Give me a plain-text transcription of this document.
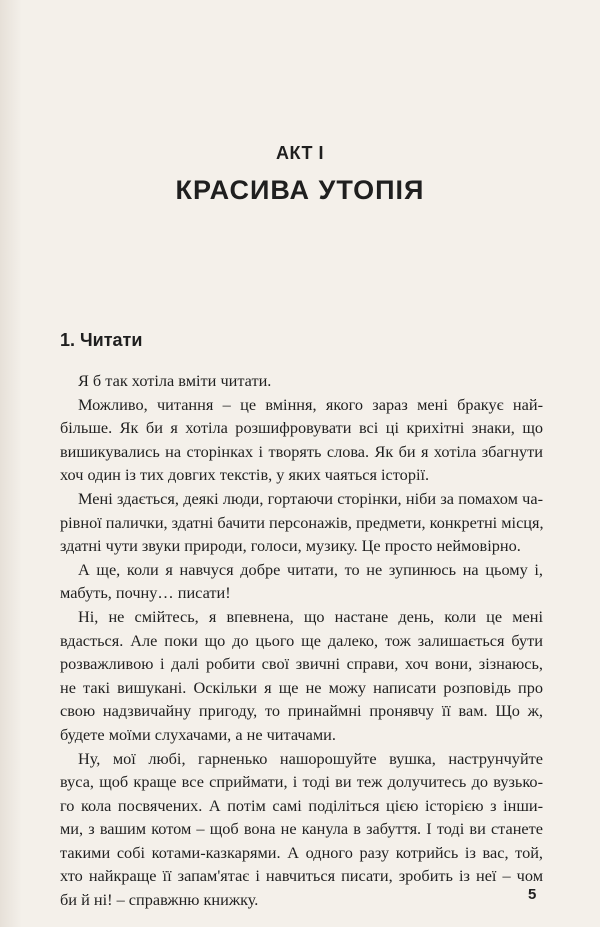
АКТ І
КРАСИВА УТОПІЯ
1. Читати
Я б так хотіла вміти читати.
Можливо, читання – це вміння, якого зараз мені бракує най-
більше. Як би я хотіла розшифровувати всі ці крихітні знаки, що
вишикувались на сторінках і творять слова. Як би я хотіла збагнути
хоч один із тих довгих текстів, у яких чаяться історії.
Мені здається, деякі люди, гортаючи сторінки, ніби за помахом ча-
рівної палички, здатні бачити персонажів, предмети, конкретні місця,
здатні чути звуки природи, голоси, музику. Це просто неймовірно.
А ще, коли я навчуся добре читати, то не зупинюсь на цьому і,
мабуть, почну… писати!
Ні, не смійтесь, я впевнена, що настане день, коли це мені
вдасться. Але поки що до цього ще далеко, тож залишається бути
розважливою і далі робити свої звичні справи, хоч вони, зізнаюсь,
не такі вишукані. Оскільки я ще не можу написати розповідь про
свою надзвичайну пригоду, то принаймні пронявчу її вам. Що ж,
будете моїми слухачами, а не читачами.
Ну, мої любі, гарненько нашорошуйте вушка, наструнчуйте
вуса, щоб краще все сприймати, і тоді ви теж долучитесь до вузько-
го кола посвячених. А потім самі поділіться цією історією з інши-
ми, з вашим котом – щоб вона не канула в забуття. І тоді ви станете
такими собі котами-казкарями. А одного разу котрийсь із вас, той,
хто найкраще її запам'ятає і навчиться писати, зробить із неї – чом
би й ні! – справжню книжку.	5
